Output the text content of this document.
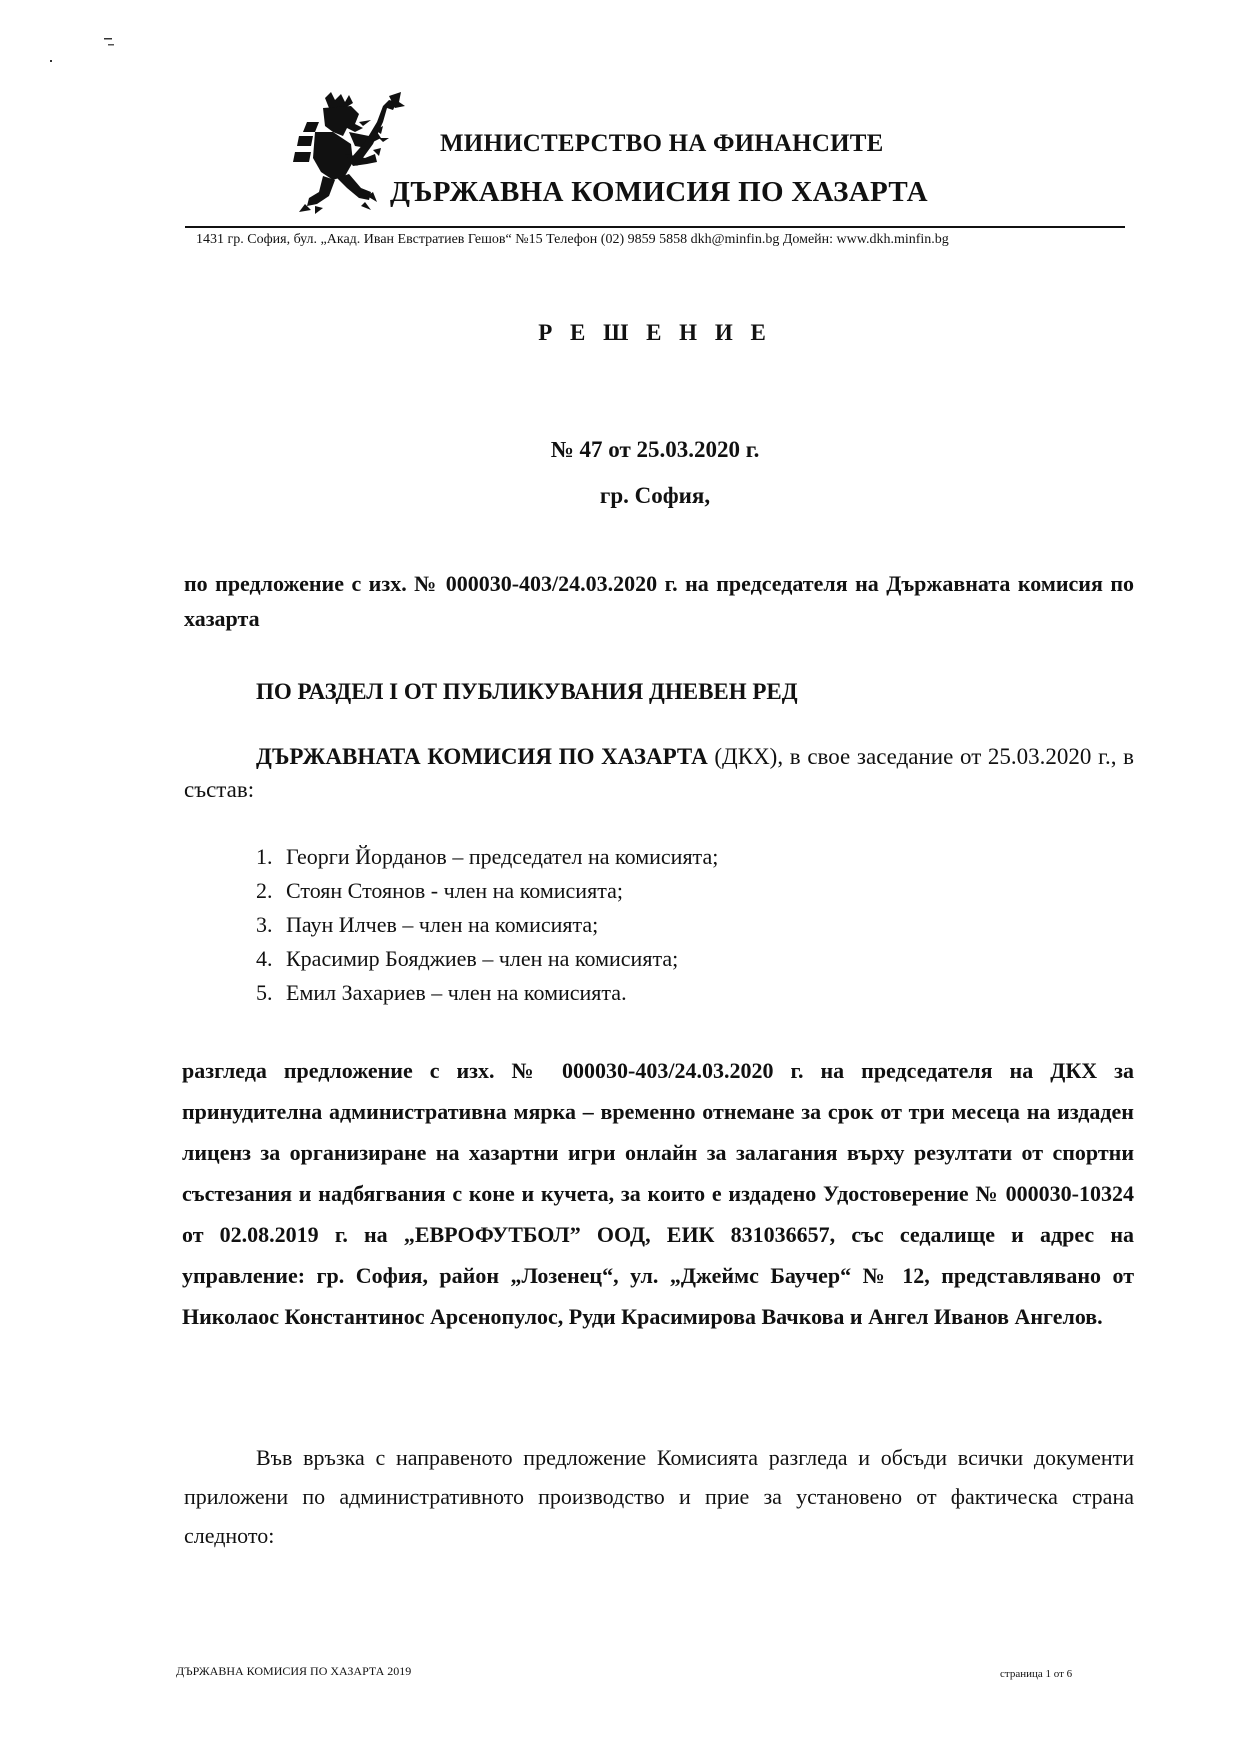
МИНИСТЕРСТВО НА ФИНАНСИТЕ
ДЪРЖАВНА КОМИСИЯ ПО ХАЗАРТА
1431 гр. София, бул. „Акад. Иван Евстратиев Гешов“ №15 Телефон (02) 9859 5858 dkh@minfin.bg Домейн: www.dkh.minfin.bg
Р Е Ш Е Н И Е
№ 47 от 25.03.2020 г.
гр. София,
по предложение с изх. № 000030-403/24.03.2020 г. на председателя на Държавната комисия по хазарта
ПО РАЗДЕЛ I ОТ ПУБЛИКУВАНИЯ ДНЕВЕН РЕД
ДЪРЖАВНАТА КОМИСИЯ ПО ХАЗАРТА (ДКХ), в свое заседание от 25.03.2020 г., в състав:
1. Георги Йорданов – председател на комисията;
2. Стоян Стоянов - член на комисията;
3. Паун Илчев – член на комисията;
4. Красимир Бояджиев – член на комисията;
5. Емил Захариев – член на комисията.
разгледа предложение с изх. № 000030-403/24.03.2020 г. на председателя на ДКХ за принудителна административна мярка – временно отнемане за срок от три месеца на издаден лиценз за организиране на хазартни игри онлайн за залагания върху резултати от спортни състезания и надбягвания с коне и кучета, за които е издадено Удостоверение № 000030-10324 от 02.08.2019 г. на „ЕВРОФУТБОЛ” ООД, ЕИК 831036657, със седалище и адрес на управление: гр. София, район „Лозенец“, ул. „Джеймс Баучер“ № 12, представлявано от Николаос Константинос Арсенопулос, Руди Красимирова Вачкова и Ангел Иванов Ангелов.
Във връзка с направеното предложение Комисията разгледа и обсъди всички документи приложени по административното производство и прие за установено от фактическа страна следното:
ДЪРЖАВНА КОМИСИЯ ПО ХАЗАРТА 2019	страница 1 от 6
